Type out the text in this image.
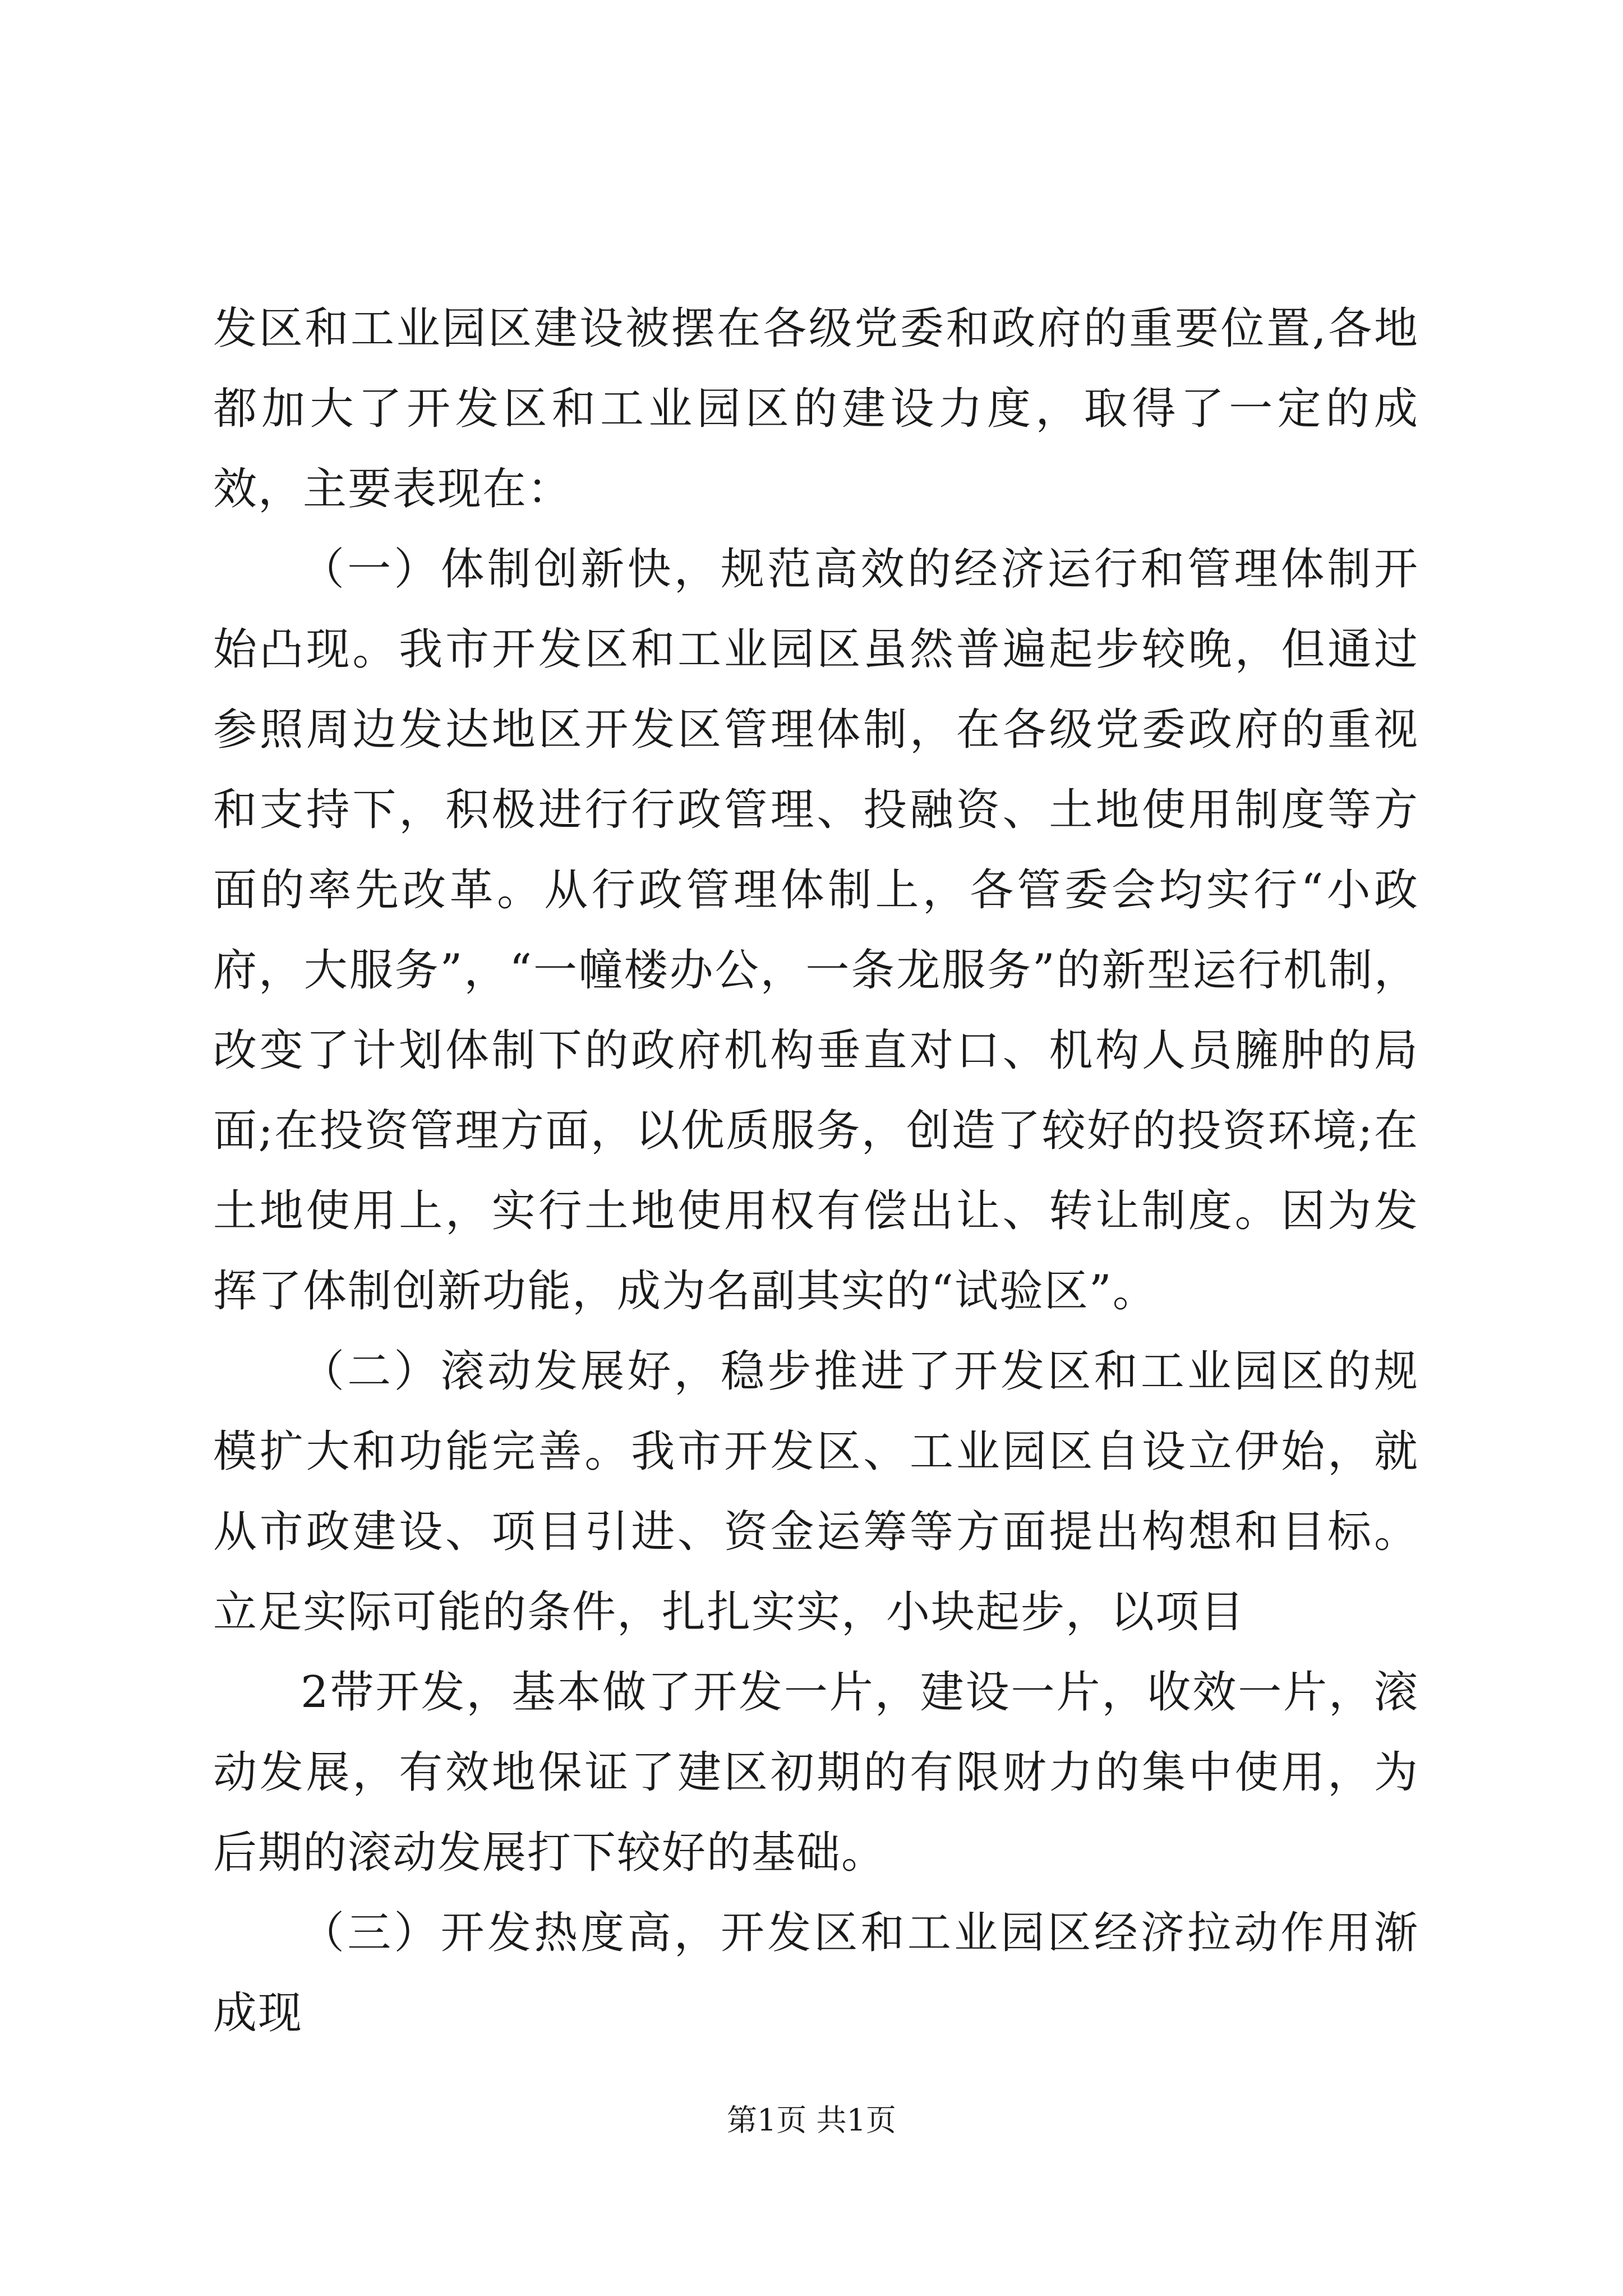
发区和工业园区建设被摆在各级党委和政府的重要位置,各地都加大了开发区和工业园区的建设力度，取得了一定的成效，主要表现在：

（一）体制创新快，规范高效的经济运行和管理体制开始凸现。我市开发区和工业园区虽然普遍起步较晚，但通过参照周边发达地区开发区管理体制，在各级党委政府的重视和支持下，积极进行行政管理、投融资、土地使用制度等方面的率先改革。从行政管理体制上，各管委会均实行“小政府，大服务”，“一幢楼办公，一条龙服务”的新型运行机制，改变了计划体制下的政府机构垂直对口、机构人员臃肿的局面;在投资管理方面，以优质服务，创造了较好的投资环境;在土地使用上，实行土地使用权有偿出让、转让制度。因为发挥了体制创新功能，成为名副其实的“试验区”。

（二）滚动发展好，稳步推进了开发区和工业园区的规模扩大和功能完善。我市开发区、工业园区自设立伊始，就从市政建设、项目引进、资金运筹等方面提出构想和目标。立足实际可能的条件，扎扎实实，小块起步，以项目

2带开发，基本做了开发一片，建设一片，收效一片，滚动发展，有效地保证了建区初期的有限财力的集中使用，为后期的滚动发展打下较好的基础。

（三）开发热度高，开发区和工业园区经济拉动作用渐成现

第1页 共1页
